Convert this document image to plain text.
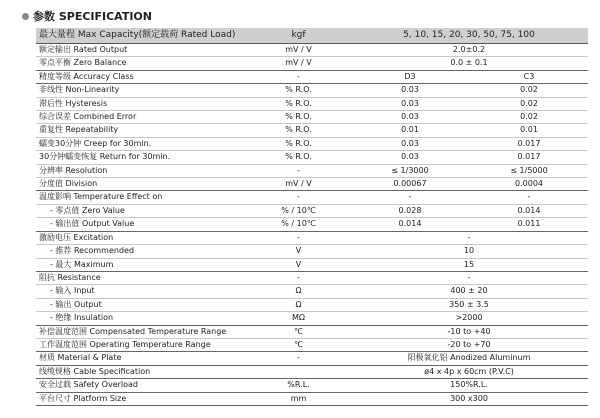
参数 SPECIFICATION
最大量程 Max Capacity(额定载荷 Rated Load)	kgf	5, 10, 15, 20, 30, 50, 75, 100	
额定输出 Rated Output	mV / V	2.0±0.2	
零点平衡 Zero Balance	mV / V	0.0 ± 0.1	
精度等级 Accuracy Class	-	D3	C3
非线性 Non-Linearity	% R.O.	0.03	0.02
滞后性 Hysteresis	% R.O.	0.03	0.02
综合误差 Combined Error	% R.O.	0.03	0.02
重复性 Repeatability	% R.O.	0.01	0.01
蠕变30分钟 Creep for 30min.	% R.O.	0.03	0.017
30分钟蠕变恢复 Return for 30min.	% R.O.	0.03	0.017
分辨率 Resolution	-	≤ 1/3000	≤ 1/5000
分度值 Division	mV / V	0.00067	0.0004
温度影响 Temperature Effect on	-	-	-
- 零点值 Zero Value	% / 10℃	0.028	0.014
- 输出值 Output Value	% / 10℃	0.014	0.011
激励电压 Excitation	-	-	
- 推荐 Recommended	V	10	
- 最大 Maximum	V	15	
阻抗 Resistance	-	-	
- 输入 Input	Ω	400 ± 20	
- 输出 Output	Ω	350 ± 3.5	
- 绝缘 Insulation	MΩ	>2000	
补偿温度范围 Compensated Temperature Range	℃	-10 to +40	
工作温度范围 Operating Temperature Range	℃	-20 to +70	
材质 Material & Plate	-	阳极氧化铝 Anodized Aluminum	
线缆规格 Cable Specification		ø4 x 4p x 60cm (P.V.C)	
安全过载 Safety Overload	%R.L.	150%R.L.	
平台尺寸 Platform Size	mm	300 x300	
